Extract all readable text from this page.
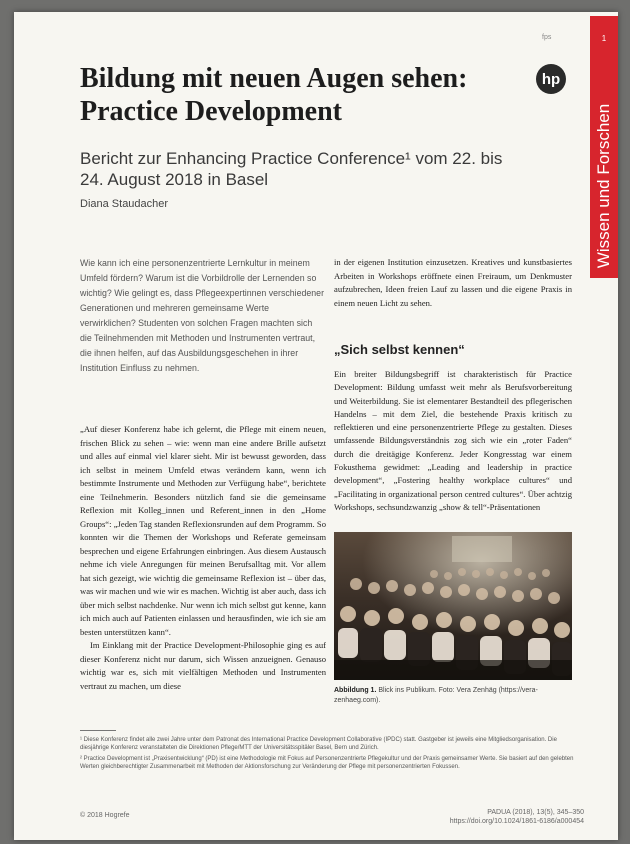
1
Wissen und Forschen
fps
hp
Bildung mit neuen Augen sehen: Practice Development

Bericht zur Enhancing Practice Conference¹ vom 22. bis 24. August 2018 in Basel

Diana Staudacher

Wie kann ich eine personenzentrierte Lernkultur in meinem Umfeld fördern? Warum ist die Vorbildrolle der Lernenden so wichtig? Wie gelingt es, dass Pflegeexpertinnen verschiedener Generationen und mehreren gemeinsame Werte verwirklichen? Studenten von solchen Fragen machten sich die Teilnehmenden mit Methoden und Instrumenten vertraut, die ihnen helfen, auf das Ausbildungsgeschehen in ihrer Institution Einfluss zu nehmen.

„Auf dieser Konferenz habe ich gelernt, die Pflege mit einem neuen, frischen Blick zu sehen – wie: wenn man eine andere Brille aufsetzt und alles auf einmal viel klarer sieht. Mir ist bewusst geworden, dass ich selbst in meinem Umfeld etwas verändern kann, wenn ich bestimmte Instrumente und Methoden zur Verfügung habe“, berichtete eine Teilnehmerin. Besonders nützlich fand sie die gemeinsame Reflexion mit Kolleg_innen und Referent_innen in den „Home Groups“: „Jeden Tag standen Reflexionsrunden auf dem Programm. So konnten wir die Themen der Workshops und Referate gemeinsam besprechen und eigene Erfahrungen einbringen. Aus diesem Austausch nehme ich viele Anregungen für meinen Berufsalltag mit. Vor allem hat sich gezeigt, wie wichtig die gemeinsame Reflexion ist – über das, was wir machen und wie wir es machen. Wichtig ist aber auch, dass ich über mich selbst nachdenke. Nur wenn ich mich selbst gut kenne, kann ich mich auch auf Patienten einlassen und herausfinden, wie ich sie am besten unterstützen kann“.

Im Einklang mit der Practice Development-Philosophie ging es auf dieser Konferenz nicht nur darum, sich Wissen anzueignen. Genauso wichtig war es, sich mit vielfältigen Methoden und Instrumenten vertraut zu machen, um diese

in der eigenen Institution einzusetzen. Kreatives und kunstbasiertes Arbeiten in Workshops eröffnete einen Freiraum, um Denkmuster aufzubrechen, Ideen freien Lauf zu lassen und die eigene Praxis in einem neuen Licht zu sehen.

„Sich selbst kennen“

Ein breiter Bildungsbegriff ist charakteristisch für Practice Development: Bildung umfasst weit mehr als Berufsvorbereitung und Weiterbildung. Sie ist elementarer Bestandteil des pflegerischen Handelns – mit dem Ziel, die bestehende Praxis kritisch zu reflektieren und eine personenzentrierte Pflege zu gestalten. Dieses umfassende Bildungsverständnis zog sich wie ein „roter Faden“ durch die dreitägige Konferenz. Jeder Kongresstag war einem Fokusthema gewidmet: „Leading and leadership in practice development“, „Fostering healthy workplace cultures“ und „Facilitating in organizational person centred cultures“. Über achtzig Workshops, sechsundzwanzig „show & tell“-Präsentationen

Abbildung 1. Blick ins Publikum. Foto: Vera Zenhäg (https://vera-zenhaeg.com).

¹ Diese Konferenz findet alle zwei Jahre unter dem Patronat des International Practice Development Collaborative (IPDC) statt. Gastgeber ist jeweils eine Mitgliedsorganisation. Die diesjährige Konferenz veranstalteten die Direktionen Pflege/MTT der Universitätsspitäler Basel, Bern und Zürich.

² Practice Development ist „Praxisentwicklung“ (PD) ist eine Methodologie mit Fokus auf Personenzentrierte Pflegekultur und der Praxis gemeinsamer Werte. Sie basiert auf den gelebten Werten gleichberechtigter Zusammenarbeit mit Methoden der Aktionsforschung zur Veränderung der Pflege mit personenzentrierten Fokussen.

© 2018 Hogrefe	PADUA (2018), 13(5), 345–350
https://doi.org/10.1024/1861-6186/a000454
